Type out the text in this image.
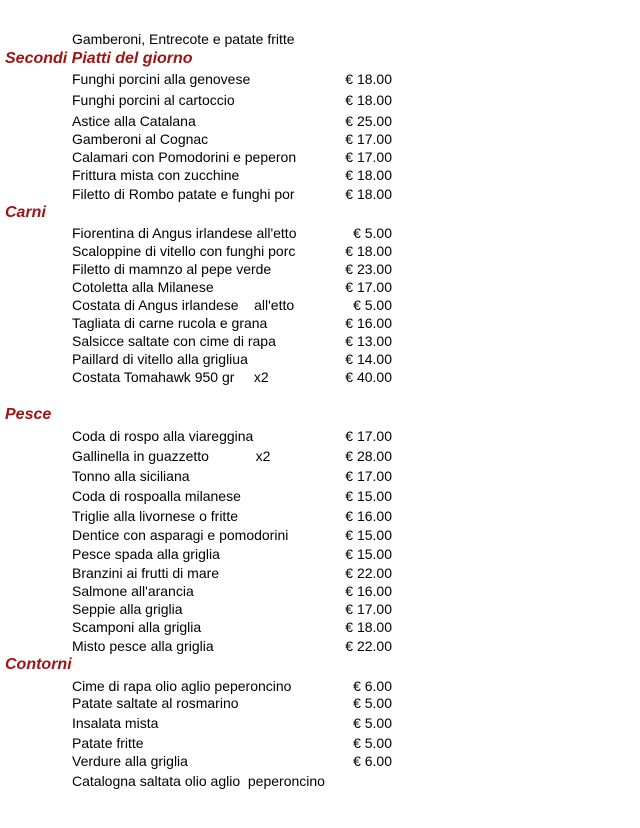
Gamberoni, Entrecote e patate fritte
Secondi Piatti del giorno
Funghi porcini alla genovese	€ 18.00
Funghi porcini al cartoccio	€ 18.00
Astice alla Catalana	€ 25.00
Gamberoni al Cognac	€ 17.00
Calamari con Pomodorini e peperon	€ 17.00
Frittura mista con zucchine	€ 18.00
Filetto di Rombo patate e funghi por	€ 18.00
Carni
Fiorentina di Angus irlandese all'etto	€ 5.00
Scaloppine di vitello con funghi porc	€ 18.00
Filetto di mamnzo al pepe verde	€ 23.00
Cotoletta alla Milanese	€ 17.00
Costata di Angus irlandese    all'etto	€ 5.00
Tagliata di carne rucola e grana	€ 16.00
Salsicce saltate con cime di rapa	€ 13.00
Paillard di vitello alla grigliua	€ 14.00
Costata Tomahawk 950 gr     x2	€ 40.00
Pesce
Coda di rospo alla viareggina	€ 17.00
Gallinella in guazzetto            x2	€ 28.00
Tonno alla siciliana	€ 17.00
Coda di rospoalla milanese	€ 15.00
Triglie alla livornese o fritte	€ 16.00
Dentice con asparagi e pomodorini	€ 15.00
Pesce spada alla griglia	€ 15.00
Branzini ai frutti di mare	€ 22.00
Salmone all'arancia	€ 16.00
Seppie alla griglia	€ 17.00
Scamponi alla griglia	€ 18.00
Misto pesce alla griglia	€ 22.00
Contorni
Cime di rapa olio aglio peperoncino	€ 6.00
Patate saltate al rosmarino	€ 5.00
Insalata mista	€ 5.00
Patate fritte	€ 5.00
Verdure alla griglia	€ 6.00
Catalogna saltata olio aglio  peperoncino
